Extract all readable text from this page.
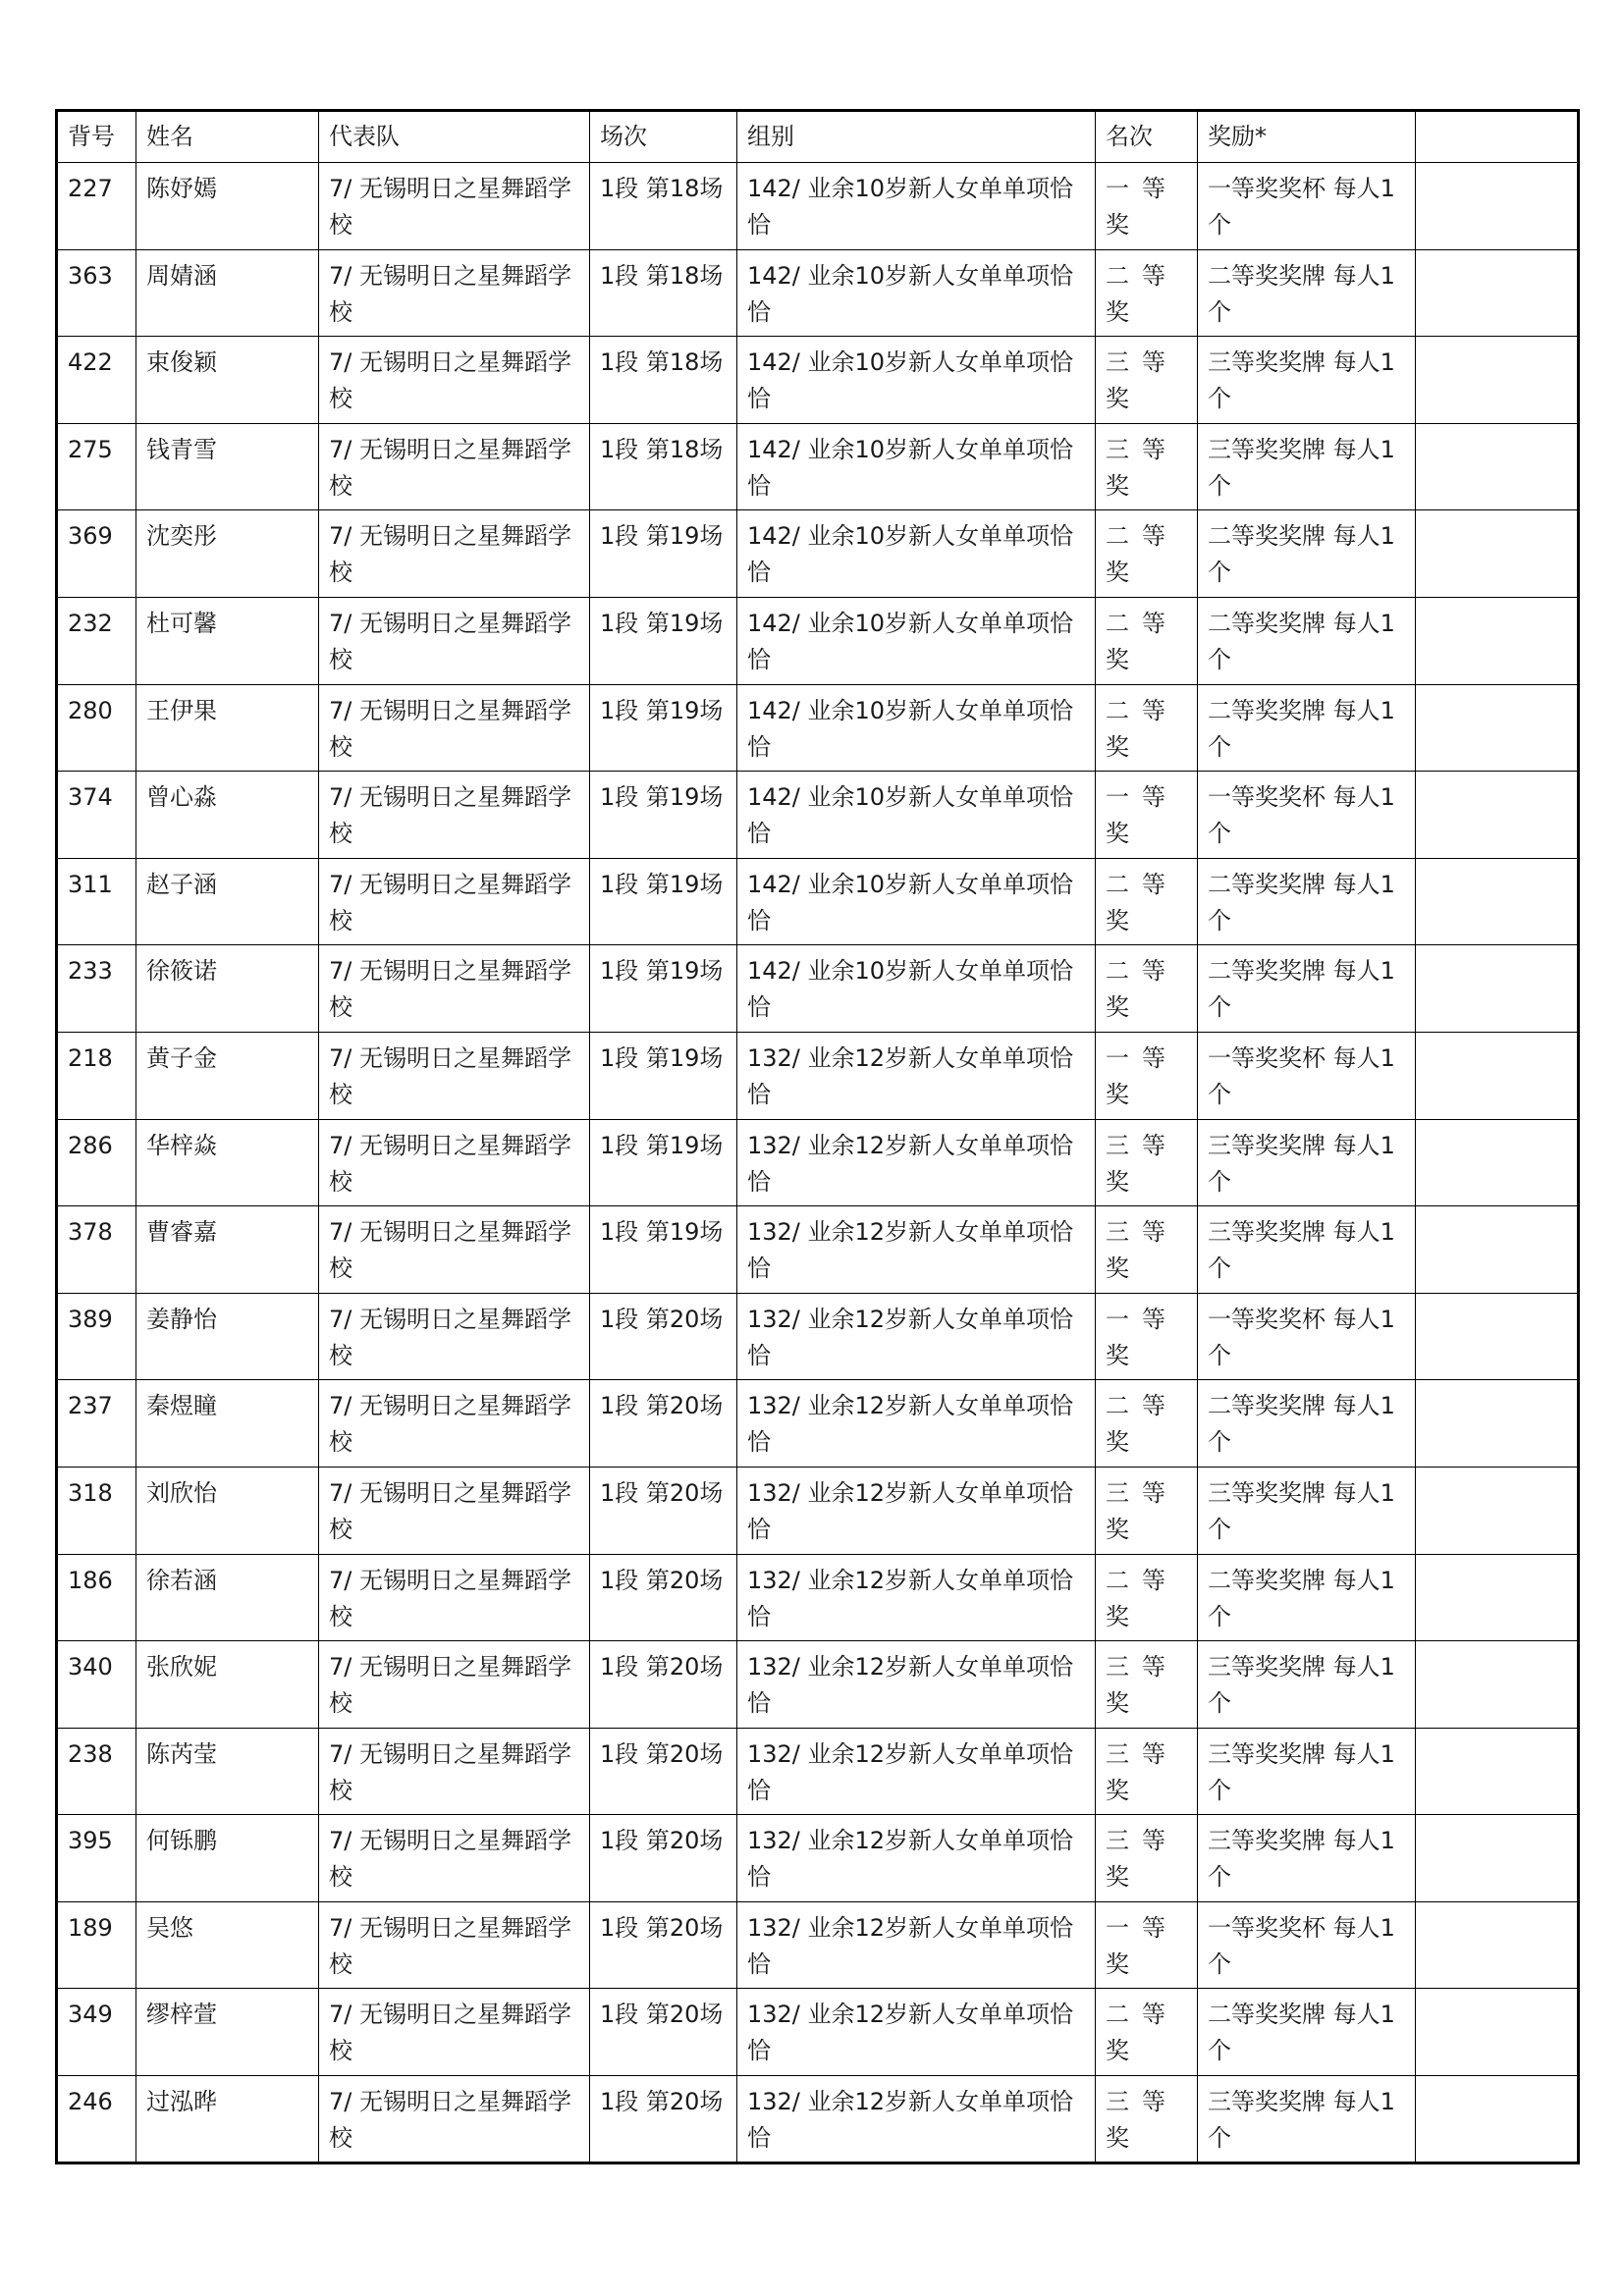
背号	姓名	代表队	场次	组别	名次	奖励*	
227	陈妤嫣	7/ 无锡明日之星舞蹈学校	1段 第18场	142/ 业余10岁新人女单单项恰恰	一等奖	一等奖奖杯 每人1个	
363	周婧涵	7/ 无锡明日之星舞蹈学校	1段 第18场	142/ 业余10岁新人女单单项恰恰	二等奖	二等奖奖牌 每人1个	
422	束俊颖	7/ 无锡明日之星舞蹈学校	1段 第18场	142/ 业余10岁新人女单单项恰恰	三等奖	三等奖奖牌 每人1个	
275	钱青雪	7/ 无锡明日之星舞蹈学校	1段 第18场	142/ 业余10岁新人女单单项恰恰	三等奖	三等奖奖牌 每人1个	
369	沈奕彤	7/ 无锡明日之星舞蹈学校	1段 第19场	142/ 业余10岁新人女单单项恰恰	二等奖	二等奖奖牌 每人1个	
232	杜可馨	7/ 无锡明日之星舞蹈学校	1段 第19场	142/ 业余10岁新人女单单项恰恰	二等奖	二等奖奖牌 每人1个	
280	王伊果	7/ 无锡明日之星舞蹈学校	1段 第19场	142/ 业余10岁新人女单单项恰恰	二等奖	二等奖奖牌 每人1个	
374	曾心淼	7/ 无锡明日之星舞蹈学校	1段 第19场	142/ 业余10岁新人女单单项恰恰	一等奖	一等奖奖杯 每人1个	
311	赵子涵	7/ 无锡明日之星舞蹈学校	1段 第19场	142/ 业余10岁新人女单单项恰恰	二等奖	二等奖奖牌 每人1个	
233	徐筱诺	7/ 无锡明日之星舞蹈学校	1段 第19场	142/ 业余10岁新人女单单项恰恰	二等奖	二等奖奖牌 每人1个	
218	黄子金	7/ 无锡明日之星舞蹈学校	1段 第19场	132/ 业余12岁新人女单单项恰恰	一等奖	一等奖奖杯 每人1个	
286	华梓焱	7/ 无锡明日之星舞蹈学校	1段 第19场	132/ 业余12岁新人女单单项恰恰	三等奖	三等奖奖牌 每人1个	
378	曹睿嘉	7/ 无锡明日之星舞蹈学校	1段 第19场	132/ 业余12岁新人女单单项恰恰	三等奖	三等奖奖牌 每人1个	
389	姜静怡	7/ 无锡明日之星舞蹈学校	1段 第20场	132/ 业余12岁新人女单单项恰恰	一等奖	一等奖奖杯 每人1个	
237	秦煜瞳	7/ 无锡明日之星舞蹈学校	1段 第20场	132/ 业余12岁新人女单单项恰恰	二等奖	二等奖奖牌 每人1个	
318	刘欣怡	7/ 无锡明日之星舞蹈学校	1段 第20场	132/ 业余12岁新人女单单项恰恰	三等奖	三等奖奖牌 每人1个	
186	徐若涵	7/ 无锡明日之星舞蹈学校	1段 第20场	132/ 业余12岁新人女单单项恰恰	二等奖	二等奖奖牌 每人1个	
340	张欣妮	7/ 无锡明日之星舞蹈学校	1段 第20场	132/ 业余12岁新人女单单项恰恰	三等奖	三等奖奖牌 每人1个	
238	陈芮莹	7/ 无锡明日之星舞蹈学校	1段 第20场	132/ 业余12岁新人女单单项恰恰	三等奖	三等奖奖牌 每人1个	
395	何铄鹏	7/ 无锡明日之星舞蹈学校	1段 第20场	132/ 业余12岁新人女单单项恰恰	三等奖	三等奖奖牌 每人1个	
189	吴悠	7/ 无锡明日之星舞蹈学校	1段 第20场	132/ 业余12岁新人女单单项恰恰	一等奖	一等奖奖杯 每人1个	
349	缪梓萱	7/ 无锡明日之星舞蹈学校	1段 第20场	132/ 业余12岁新人女单单项恰恰	二等奖	二等奖奖牌 每人1个	
246	过泓晔	7/ 无锡明日之星舞蹈学校	1段 第20场	132/ 业余12岁新人女单单项恰恰	三等奖	三等奖奖牌 每人1个	
